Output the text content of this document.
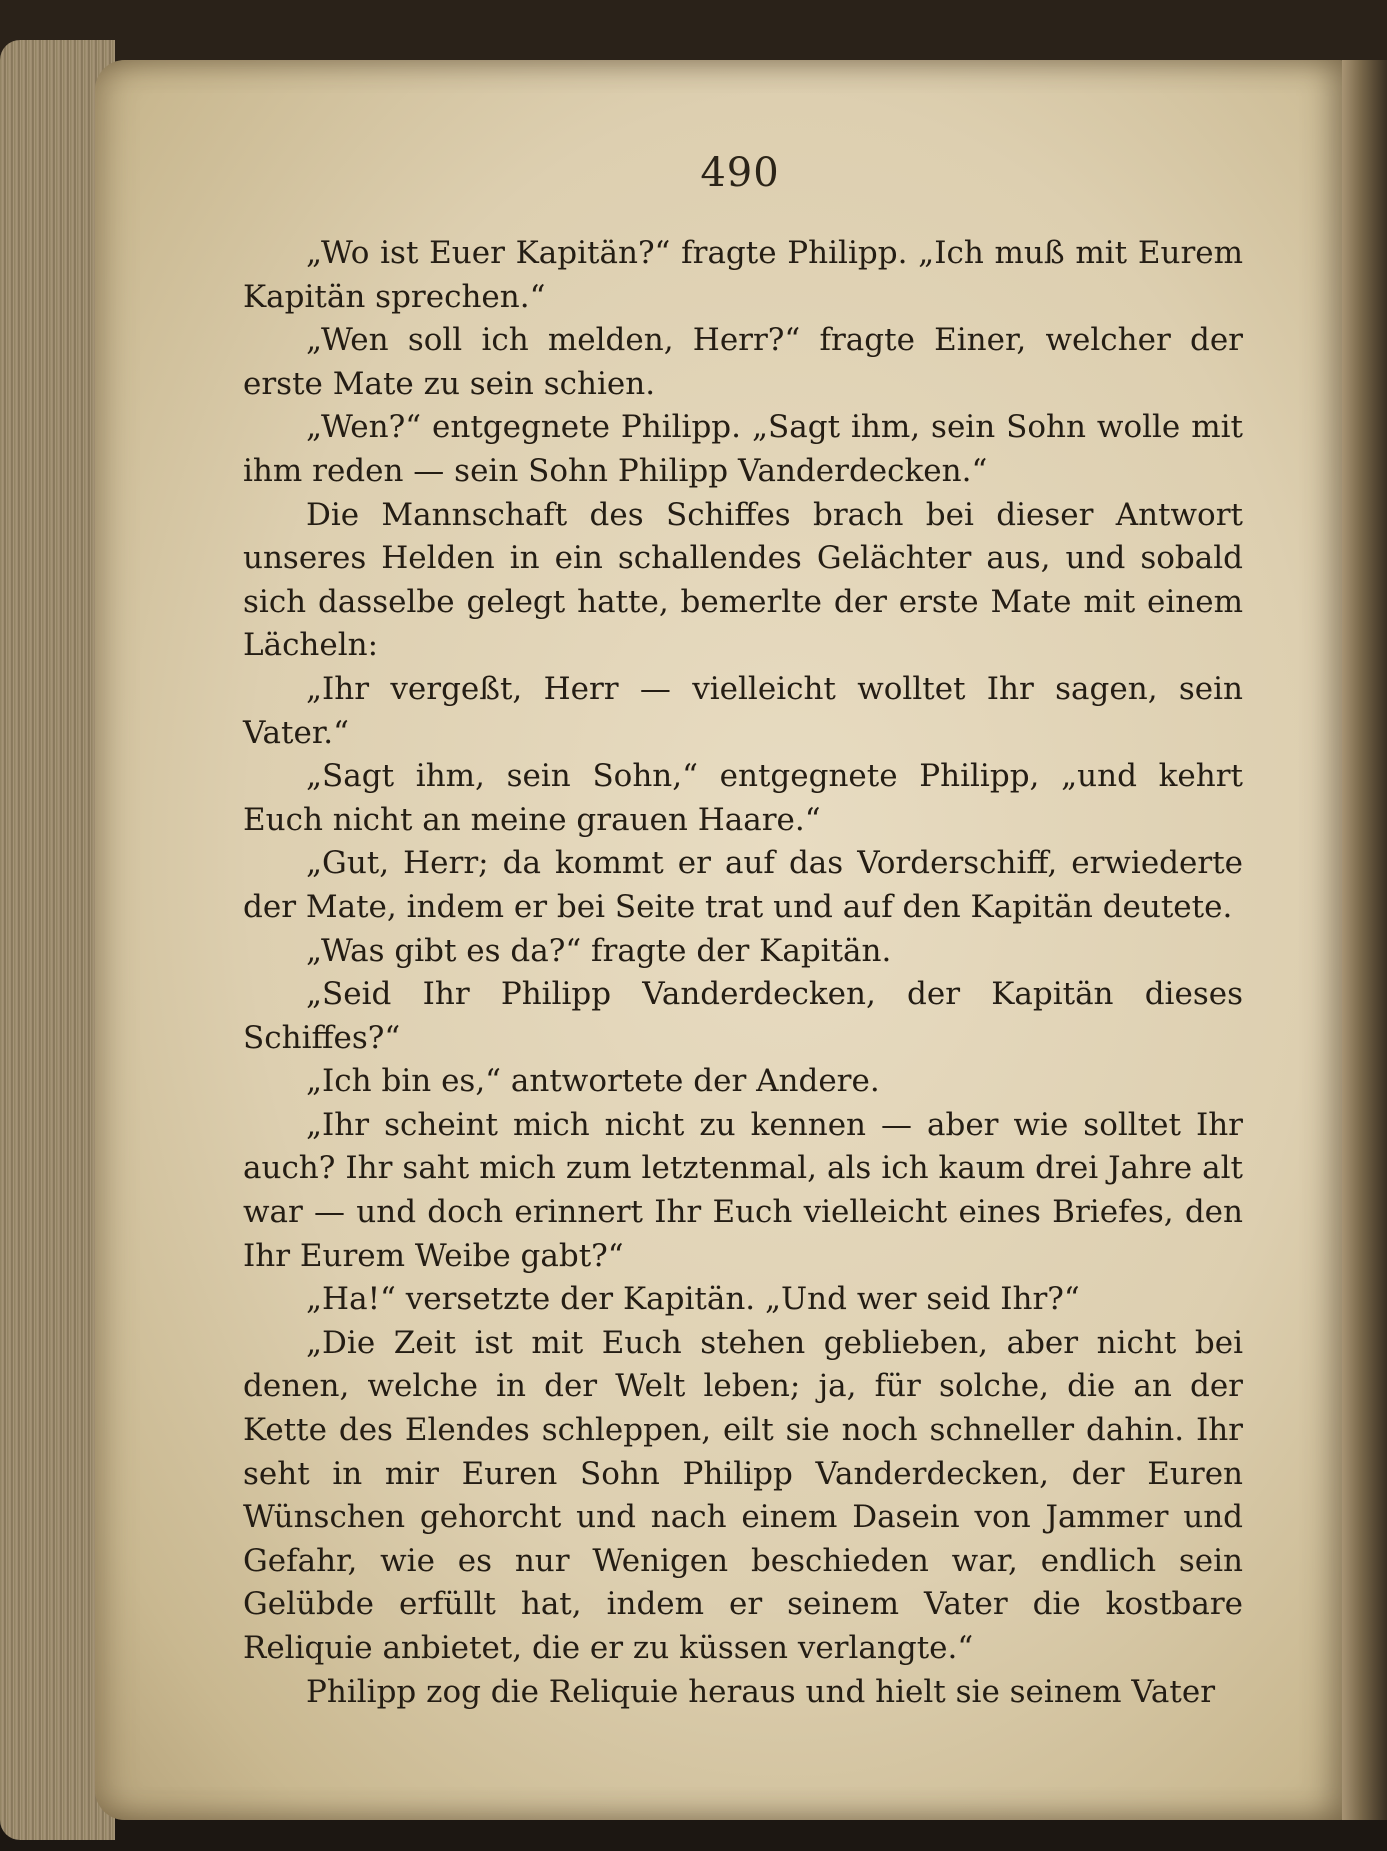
490

„Wo ist Euer Kapitän?“ fragte Philipp. „Ich muß mit Eurem Kapitän sprechen.“

„Wen soll ich melden, Herr?“ fragte Einer, welcher der erste Mate zu sein schien.

„Wen?“ entgegnete Philipp. „Sagt ihm, sein Sohn wolle mit ihm reden — sein Sohn Philipp Vanderdecken.“

Die Mannschaft des Schiffes brach bei dieser Antwort unseres Helden in ein schallendes Gelächter aus, und sobald sich dasselbe gelegt hatte, bemerlte der erste Mate mit einem Lächeln:

„Ihr vergeßt, Herr — vielleicht wolltet Ihr sagen, sein Vater.“

„Sagt ihm, sein Sohn,“ entgegnete Philipp, „und kehrt Euch nicht an meine grauen Haare.“

„Gut, Herr; da kommt er auf das Vorderschiff, erwiederte der Mate, indem er bei Seite trat und auf den Kapitän deutete.

„Was gibt es da?“ fragte der Kapitän.

„Seid Ihr Philipp Vanderdecken, der Kapitän dieses Schiffes?“

„Ich bin es,“ antwortete der Andere.

„Ihr scheint mich nicht zu kennen — aber wie solltet Ihr auch? Ihr saht mich zum letztenmal, als ich kaum drei Jahre alt war — und doch erinnert Ihr Euch vielleicht eines Briefes, den Ihr Eurem Weibe gabt?“

„Ha!“ versetzte der Kapitän. „Und wer seid Ihr?“

„Die Zeit ist mit Euch stehen geblieben, aber nicht bei denen, welche in der Welt leben; ja, für solche, die an der Kette des Elendes schleppen, eilt sie noch schneller dahin. Ihr seht in mir Euren Sohn Philipp Vanderdecken, der Euren Wünschen gehorcht und nach einem Dasein von Jammer und Gefahr, wie es nur Wenigen beschieden war, endlich sein Gelübde erfüllt hat, indem er seinem Vater die kostbare Reliquie anbietet, die er zu küssen verlangte.“

Philipp zog die Reliquie heraus und hielt sie seinem Vater
